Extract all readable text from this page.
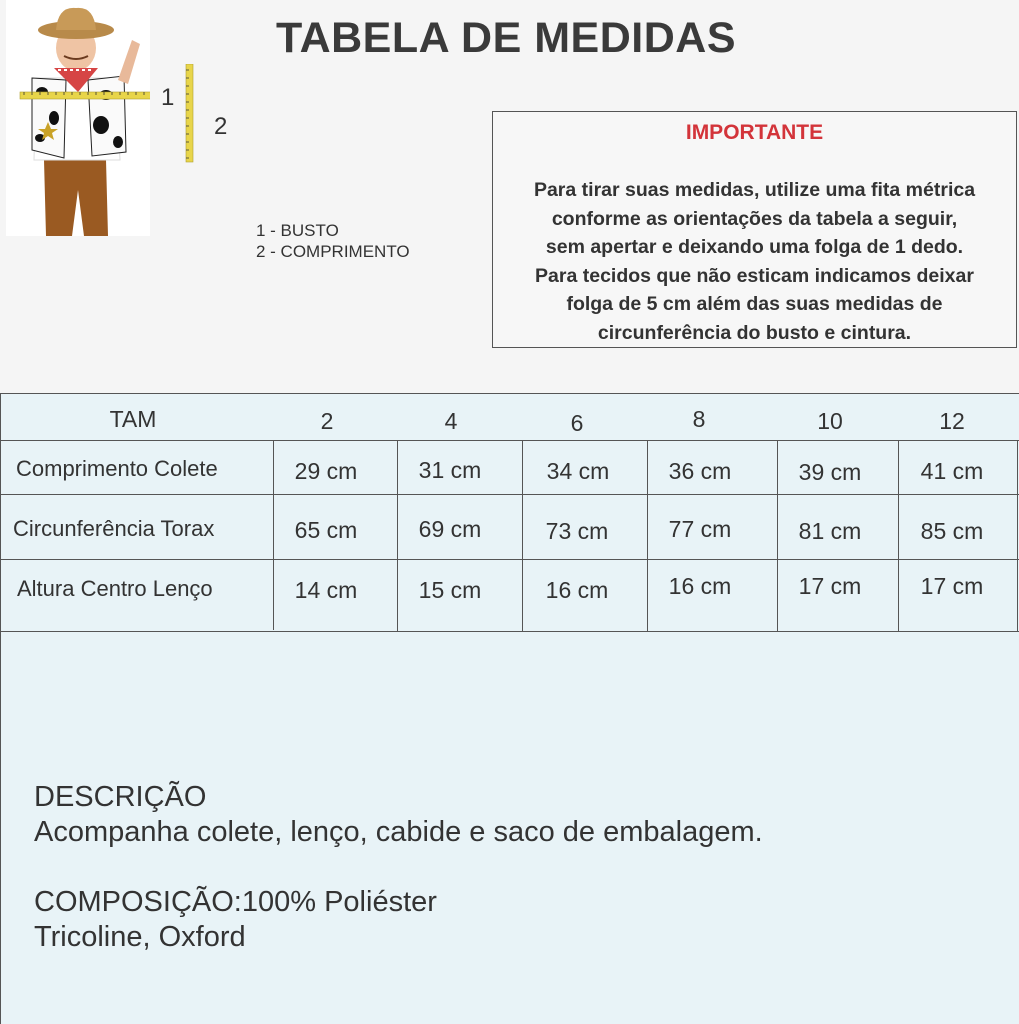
1
2
TABELA DE MEDIDAS
1 - BUSTO
2 - COMPRIMENTO
IMPORTANTE
Para tirar suas medidas, utilize uma fita métrica
conforme as orientações da tabela a seguir,
sem apertar e deixando uma folga de 1 dedo.
Para tecidos que não esticam indicamos deixar
folga de 5 cm além das suas medidas de
circunferência do busto e cintura.
TAM	2	4	6	8	10	12
Comprimento Colete	29 cm	31 cm	34 cm	36 cm	39 cm	41 cm
Circunferência Torax	65 cm	69 cm	73 cm	77 cm	81 cm	85 cm
Altura Centro Lenço	14 cm	15 cm	16 cm	16 cm	17 cm	17 cm

DESCRIÇÃO

Acompanha colete, lenço, cabide e saco de embalagem.

COMPOSIÇÃO:100% Poliéster

Tricoline, Oxford
